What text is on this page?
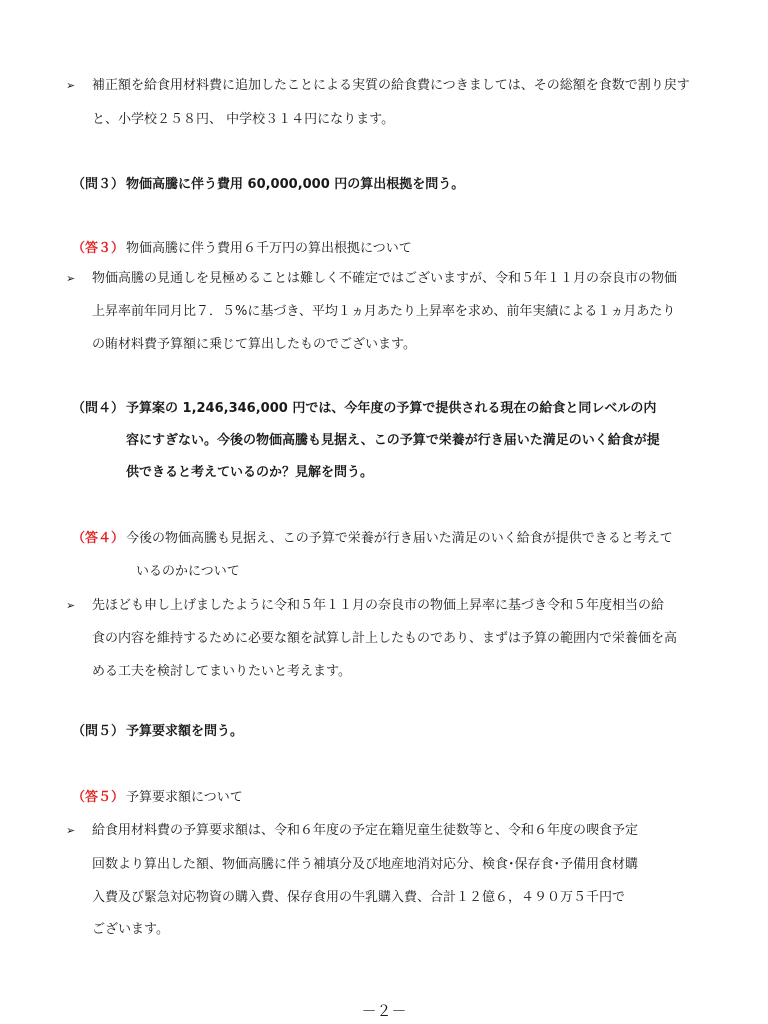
➢ 補正額を給食用材料費に追加したことによる実質の給食費につきましては、その総額を食数で割り戻す
と、小学校２５８円、 中学校３１４円になります。
（問３） 物価高騰に伴う費用 60,000,000 円の算出根拠を問う。
（答３） 物価高騰に伴う費用６千万円の算出根拠について
➢ 物価高騰の見通しを見極めることは難しく不確定ではございますが、令和５年１１月の奈良市の物価
上昇率前年同月比７．５%に基づき、平均１ヵ月あたり上昇率を求め、前年実績による１ヵ月あたり
の賄材料費予算額に乗じて算出したものでございます。
（問４） 予算案の 1,246,346,000 円では、今年度の予算で提供される現在の給食と同レベルの内
容にすぎない。今後の物価高騰も見据え、この予算で栄養が行き届いた満足のいく給食が提
供できると考えているのか？見解を問う。
（答４） 今後の物価高騰も見据え、この予算で栄養が行き届いた満足のいく給食が提供できると考えて
いるのかについて
➢ 先ほども申し上げましたように令和５年１１月の奈良市の物価上昇率に基づき令和５年度相当の給
食の内容を維持するために必要な額を試算し計上したものであり、まずは予算の範囲内で栄養価を高
める工夫を検討してまいりたいと考えます。
（問５） 予算要求額を問う。
（答５） 予算要求額について
➢ 給食用材料費の予算要求額は、令和６年度の予定在籍児童生徒数等と、令和６年度の喫食予定
回数より算出した額、物価高騰に伴う補填分及び地産地消対応分、検食･保存食･予備用食材購
入費及び緊急対応物資の購入費、保存食用の牛乳購入費、合計１２億６，４９０万５千円で
ございます。
－２－
